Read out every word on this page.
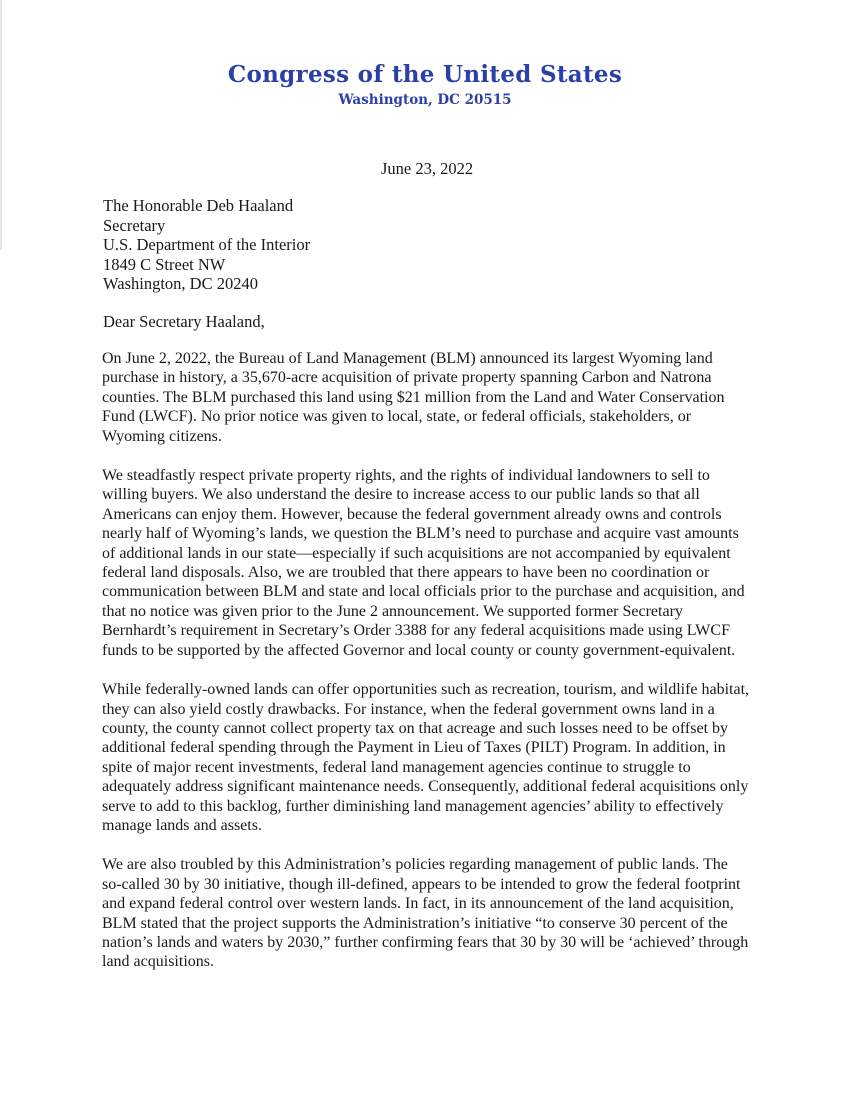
Congress of the United States
Washington, DC 20515
June 23, 2022
The Honorable Deb Haaland
Secretary
U.S. Department of the Interior
1849 C Street NW
Washington, DC 20240
Dear Secretary Haaland,

On June 2, 2022, the Bureau of Land Management (BLM) announced its largest Wyoming land purchase in history, a 35,670-acre acquisition of private property spanning Carbon and Natrona counties. The BLM purchased this land using $21 million from the Land and Water Conservation Fund (LWCF). No prior notice was given to local, state, or federal officials, stakeholders, or Wyoming citizens.

We steadfastly respect private property rights, and the rights of individual landowners to sell to willing buyers. We also understand the desire to increase access to our public lands so that all Americans can enjoy them. However, because the federal government already owns and controls nearly half of Wyoming’s lands, we question the BLM’s need to purchase and acquire vast amounts of additional lands in our state—especially if such acquisitions are not accompanied by equivalent federal land disposals. Also, we are troubled that there appears to have been no coordination or communication between BLM and state and local officials prior to the purchase and acquisition, and that no notice was given prior to the June 2 announcement. We supported former Secretary Bernhardt’s requirement in Secretary’s Order 3388 for any federal acquisitions made using LWCF funds to be supported by the affected Governor and local county or county government-equivalent.

While federally-owned lands can offer opportunities such as recreation, tourism, and wildlife habitat, they can also yield costly drawbacks. For instance, when the federal government owns land in a county, the county cannot collect property tax on that acreage and such losses need to be offset by additional federal spending through the Payment in Lieu of Taxes (PILT) Program. In addition, in spite of major recent investments, federal land management agencies continue to struggle to adequately address significant maintenance needs. Consequently, additional federal acquisitions only serve to add to this backlog, further diminishing land management agencies’ ability to effectively manage lands and assets.

We are also troubled by this Administration’s policies regarding management of public lands. The so-called 30 by 30 initiative, though ill-defined, appears to be intended to grow the federal footprint and expand federal control over western lands. In fact, in its announcement of the land acquisition, BLM stated that the project supports the Administration’s initiative “to conserve 30 percent of the nation’s lands and waters by 2030,” further confirming fears that 30 by 30 will be ‘achieved’ through land acquisitions.
